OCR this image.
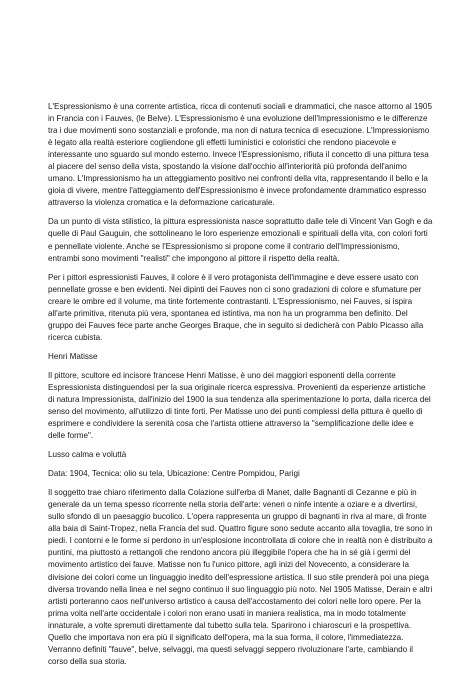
L'Espressionismo è una corrente artistica, ricca di contenuti sociali e drammatici, che nasce attorno al 1905 in Francia con i Fauves, (le Belve). L'Espressionismo è una evoluzione dell'Impressionismo e le differenze tra i due movimenti sono sostanziali e profonde, ma non di natura tecnica di esecuzione. L'Impressionismo è legato alla realtà esteriore cogliendone gli effetti luministici e coloristici che rendono piacevole e interessante uno sguardo sul mondo esterno. Invece l'Espressionismo, rifiuta il concetto di una pittura tesa al piacere del senso della vista, spostando la visione dall'occhio all'interiorità più profonda dell'animo umano. L'Impressionismo ha un atteggiamento positivo nei confronti della vita, rappresentando il bello e la gioia di vivere, mentre l'atteggiamento dell'Espressionismo è invece profondamente drammatico espresso attraverso la violenza cromatica e la deformazione caricaturale.

Da un punto di vista stilistico, la pittura espressionista nasce soprattutto dalle tele di Vincent Van Gogh e da quelle di Paul Gauguin, che sottolineano le loro esperienze emozionali e spirituali della vita, con colori forti e pennellate violente. Anche se l'Espressionismo si propone come il contrario dell'Impressionismo, entrambi sono movimenti "realisti" che impongono al pittore il rispetto della realtà.

Per i pittori espressionisti Fauves, il colore è il vero protagonista dell'immagine e deve essere usato con pennellate grosse e ben evidenti. Nei dipinti dei Fauves non ci sono gradazioni di colore e sfumature per creare le ombre ed il volume, ma tinte fortemente contrastanti. L'Espressionismo, nei Fauves, si ispira all'arte primitiva, ritenuta più vera, spontanea ed istintiva, ma non ha un programma ben definito. Del gruppo dei Fauves fece parte anche Georges Braque, che in seguito si dedicherà con Pablo Picasso alla ricerca cubista.

Henri Matisse

Il pittore, scultore ed incisore francese Henri Matisse, è uno dei maggiori esponenti della corrente Espressionista distinguendosi per la sua originale ricerca espressiva. Provenienti da esperienze artistiche di natura Impressionista, dall'inizio del 1900 la sua tendenza alla sperimentazione lo porta, dalla ricerca del senso del movimento, all'utilizzo di tinte forti. Per Matisse uno dei punti complessi della pittura è quello di esprimere e condividere la serenità cosa che l'artista ottiene attraverso la "semplificazione delle idee e delle forme".

Lusso calma e voluttà

Data: 1904, Tecnica: olio su tela, Ubicazione: Centre Pompidou, Parigi

Il soggetto trae chiaro riferimento dalla Colazione sull'erba di Manet, dalle Bagnanti di Cezanne e più in generale da un tema spesso ricorrente nella storia dell'arte: veneri o ninfe intente a oziare e a divertirsi, sullo sfondo di un paesaggio bucolico. L'opera rappresenta un gruppo di bagnanti in riva al mare, di fronte alla baia di Saint-Tropez, nella Francia del sud. Quattro figure sono sedute accanto alla tovaglia, tre sono in piedi. I contorni e le forme si perdono in un'esplosione incontrollata di colore che in realtà non è distribuito a puntini, ma piuttosto a rettangoli che rendono ancora più illeggibile l'opera che ha in sé già i germi del movimento artistico dei fauve. Matisse non fu l'unico pittore, agli inizi del Novecento, a considerare la divisione dei colori come un linguaggio inedito dell'espressione artistica. Il suo stile prenderà poi una piega diversa trovando nella linea e nel segno continuo il suo linguaggio più noto. Nel 1905 Matisse, Derain e altri artisti porteranno caos nell'universo artistico a causa dell'accostamento dei colori nelle loro opere. Per la prima volta nell'arte occidentale i colori non erano usati in maniera realistica, ma in modo totalmente innaturale, a volte spremuti direttamente dal tubetto sulla tela. Sparirono i chiaroscuri e la prospettiva. Quello che importava non era più il significato dell'opera, ma la sua forma, il colore, l'immediatezza. Verranno definiti "fauve", belve, selvaggi, ma questi selvaggi seppero rivoluzionare l'arte, cambiando il corso della sua storia.
